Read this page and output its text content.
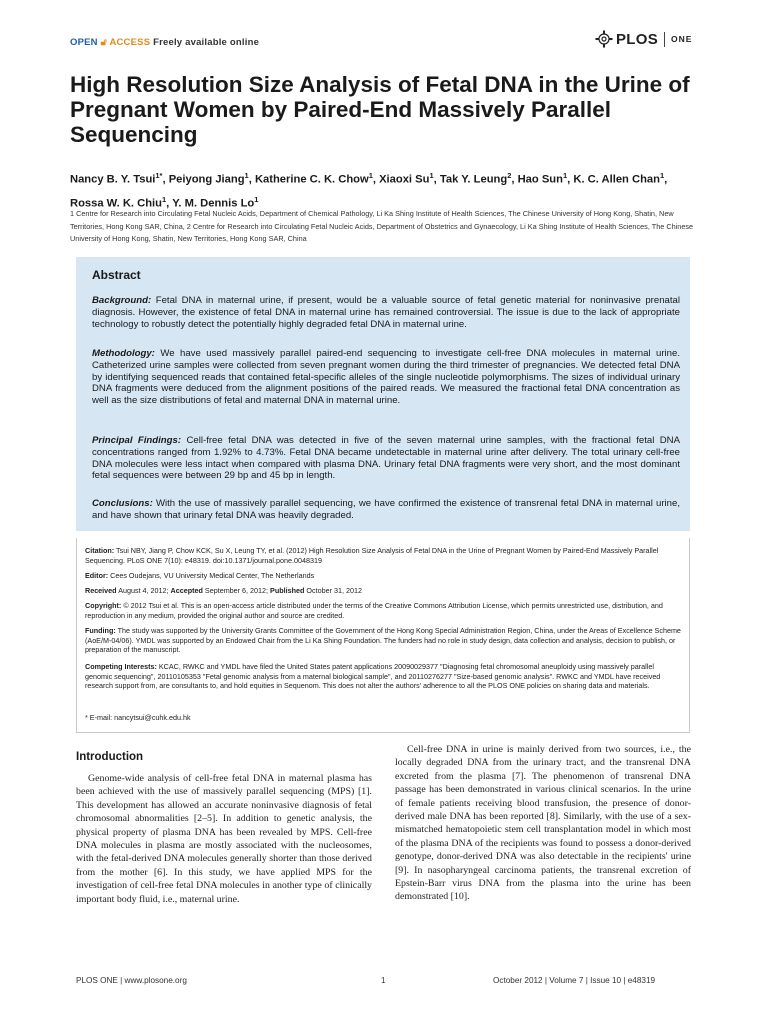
OPEN 🔓︎ ACCESS Freely available online	PLOS ONE
High Resolution Size Analysis of Fetal DNA in the Urine of Pregnant Women by Paired-End Massively Parallel Sequencing
Nancy B. Y. Tsui$^{1*}$, Peiyong Jiang$^1$, Katherine C. K. Chow$^1$, Xiaoxi Su$^1$, Tak Y. Leung$^2$, Hao Sun$^1$, K. C. Allen Chan$^1$, Rossa W. K. Chiu$^1$, Y. M. Dennis Lo$^1$
1 Centre for Research into Circulating Fetal Nucleic Acids, Department of Chemical Pathology, Li Ka Shing Institute of Health Sciences, The Chinese University of Hong Kong, Shatin, New Territories, Hong Kong SAR, China, 2 Centre for Research into Circulating Fetal Nucleic Acids, Department of Obstetrics and Gynaecology, Li Ka Shing Institute of Health Sciences, The Chinese University of Hong Kong, Shatin, New Territories, Hong Kong SAR, China
Abstract
Background: Fetal DNA in maternal urine, if present, would be a valuable source of fetal genetic material for noninvasive prenatal diagnosis. However, the existence of fetal DNA in maternal urine has remained controversial. The issue is due to the lack of appropriate technology to robustly detect the potentially highly degraded fetal DNA in maternal urine.
Methodology: We have used massively parallel paired-end sequencing to investigate cell-free DNA molecules in maternal urine. Catheterized urine samples were collected from seven pregnant women during the third trimester of pregnancies. We detected fetal DNA by identifying sequenced reads that contained fetal-specific alleles of the single nucleotide polymorphisms. The sizes of individual urinary DNA fragments were deduced from the alignment positions of the paired reads. We measured the fractional fetal DNA concentration as well as the size distributions of fetal and maternal DNA in maternal urine.
Principal Findings: Cell-free fetal DNA was detected in five of the seven maternal urine samples, with the fractional fetal DNA concentrations ranged from 1.92% to 4.73%. Fetal DNA became undetectable in maternal urine after delivery. The total urinary cell-free DNA molecules were less intact when compared with plasma DNA. Urinary fetal DNA fragments were very short, and the most dominant fetal sequences were between 29 bp and 45 bp in length.
Conclusions: With the use of massively parallel sequencing, we have confirmed the existence of transrenal fetal DNA in maternal urine, and have shown that urinary fetal DNA was heavily degraded.
Citation: Tsui NBY, Jiang P, Chow KCK, Su X, Leung TY, et al. (2012) High Resolution Size Analysis of Fetal DNA in the Urine of Pregnant Women by Paired-End Massively Parallel Sequencing. PLoS ONE 7(10): e48319. doi:10.1371/journal.pone.0048319
Editor: Cees Oudejans, VU University Medical Center, The Netherlands
Received August 4, 2012; Accepted September 6, 2012; Published October 31, 2012
Copyright: © 2012 Tsui et al. This is an open-access article distributed under the terms of the Creative Commons Attribution License, which permits unrestricted use, distribution, and reproduction in any medium, provided the original author and source are credited.
Funding: The study was supported by the University Grants Committee of the Government of the Hong Kong Special Administration Region, China, under the Areas of Excellence Scheme (AoE/M-04/06). YMDL was supported by an Endowed Chair from the Li Ka Shing Foundation. The funders had no role in study design, data collection and analysis, decision to publish, or preparation of the manuscript.
Competing Interests: KCAC, RWKC and YMDL have filed the United States patent applications 20090029377 "Diagnosing fetal chromosomal aneuploidy using massively parallel genomic sequencing", 20110105353 "Fetal genomic analysis from a maternal biological sample", and 20110276277 "Size-based genomic analysis". RWKC and YMDL have received research support from, are consultants to, and hold equities in Sequenom. This does not alter the authors' adherence to all the PLOS ONE policies on sharing data and materials.
* E-mail: nancytsui@cuhk.edu.hk
Introduction
Genome-wide analysis of cell-free fetal DNA in maternal plasma has been achieved with the use of massively parallel sequencing (MPS) [1]. This development has allowed an accurate noninvasive diagnosis of fetal chromosomal abnormalities [2–5]. In addition to genetic analysis, the physical property of plasma DNA has been revealed by MPS. Cell-free DNA molecules in plasma are mostly associated with the nucleosomes, with the fetal-derived DNA molecules generally shorter than those derived from the mother [6]. In this study, we have applied MPS for the investigation of cell-free fetal DNA molecules in another type of clinically important body fluid, i.e., maternal urine.
Cell-free DNA in urine is mainly derived from two sources, i.e., the locally degraded DNA from the urinary tract, and the transrenal DNA excreted from the plasma [7]. The phenomenon of transrenal DNA passage has been demonstrated in various clinical scenarios. In the urine of female patients receiving blood transfusion, the presence of donor-derived male DNA has been reported [8]. Similarly, with the use of a sex-mismatched hematopoietic stem cell transplantation model in which most of the plasma DNA of the recipients was found to possess a donor-derived genotype, donor-derived DNA was also detectable in the recipients' urine [9]. In nasopharyngeal carcinoma patients, the transrenal excretion of Epstein-Barr virus DNA from the plasma into the urine has been demonstrated [10].
PLOS ONE | www.plosone.org	1	October 2012 | Volume 7 | Issue 10 | e48319
